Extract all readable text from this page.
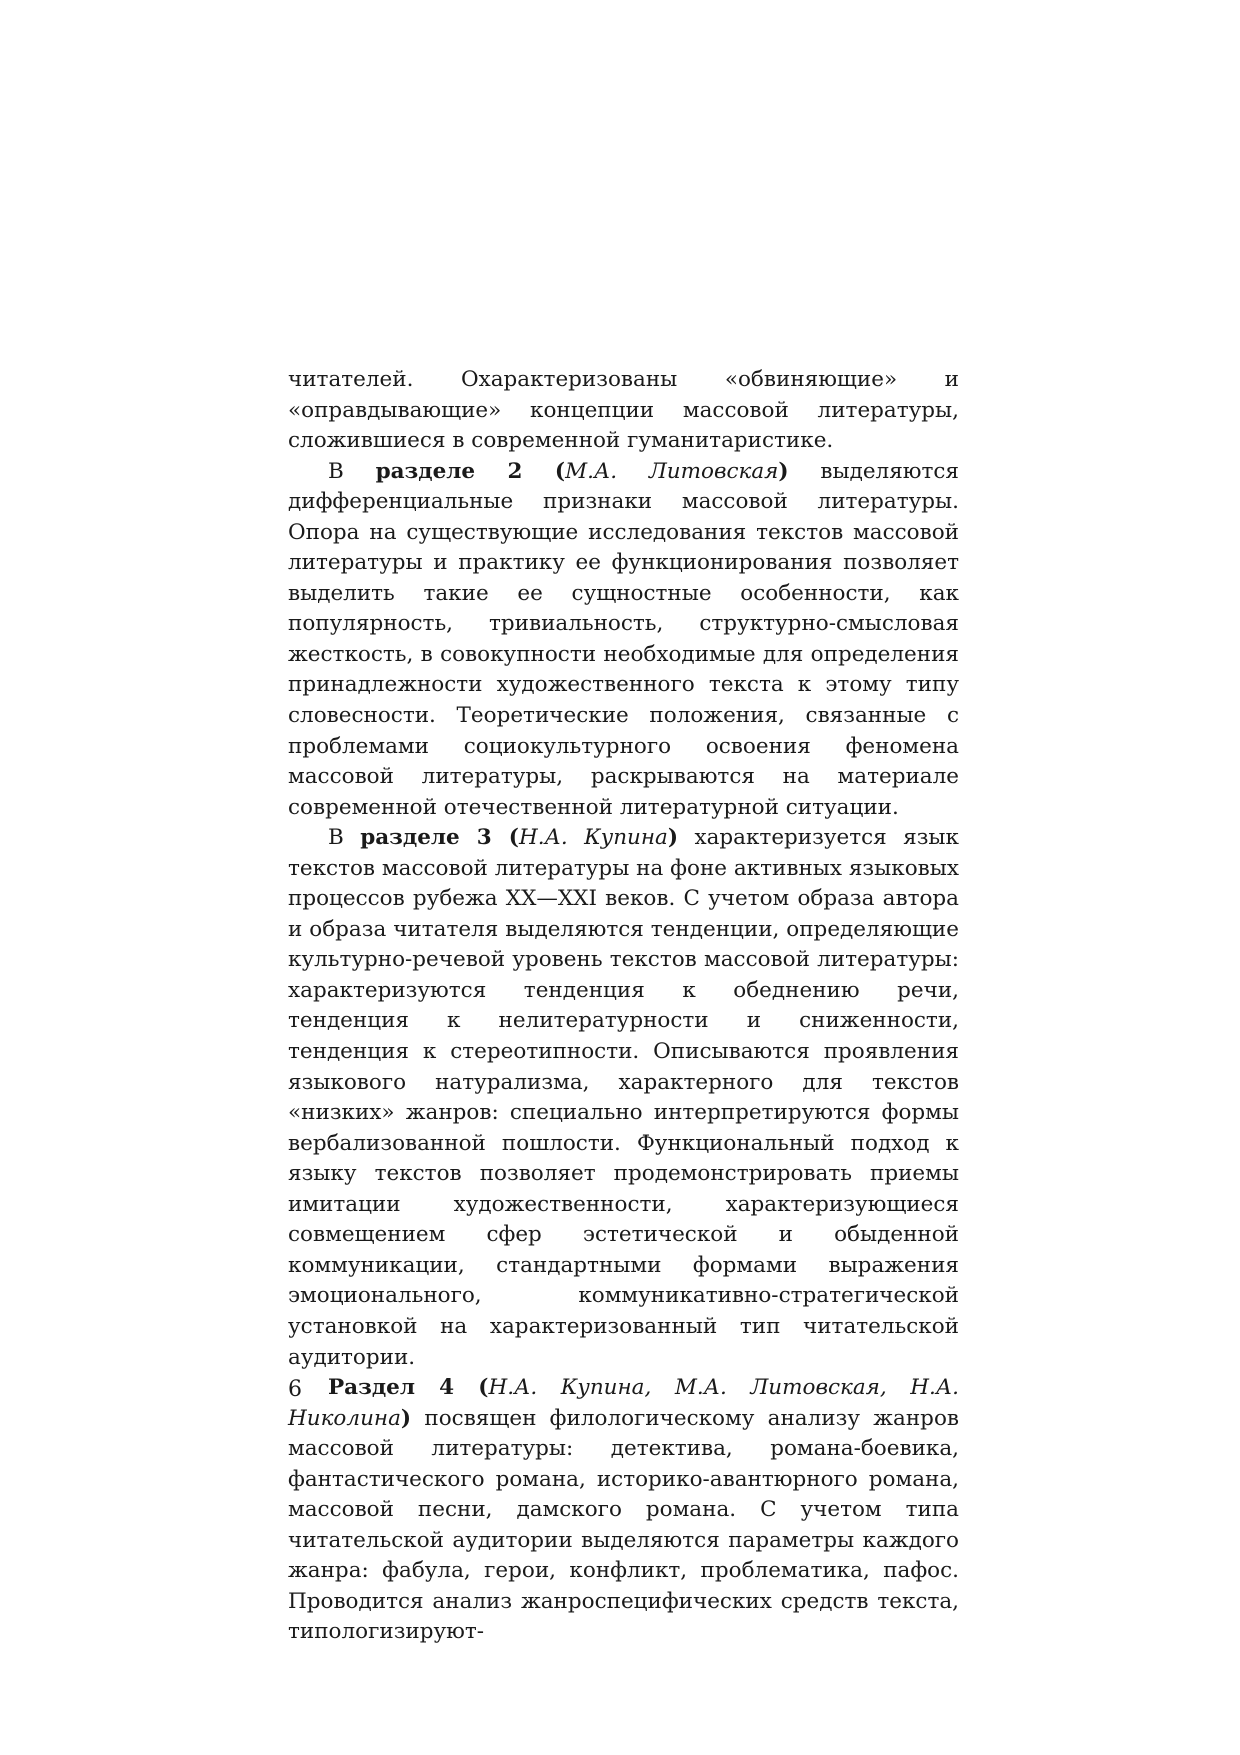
читателей. Охарактеризованы «обвиняющие» и «оправдывающие» концепции массовой литературы, сложившиеся в современной гуманитаристике.

В разделе 2 (М.А. Литовская) выделяются дифференциальные признаки массовой литературы. Опора на существующие исследования текстов массовой литературы и практику ее функционирования позволяет выделить такие ее сущностные особенности, как популярность, тривиальность, структурно-смысловая жесткость, в совокупности необходимые для определения принадлежности художественного текста к этому типу словесности. Теоретические положения, связанные с проблемами социокультурного освоения феномена массовой литературы, раскрываются на материале современной отечественной литературной ситуации.

В разделе 3 (Н.А. Купина) характеризуется язык текстов массовой литературы на фоне активных языковых процессов рубежа XX—XXI веков. С учетом образа автора и образа читателя выделяются тенденции, определяющие культурно-речевой уровень текстов массовой литературы: характеризуются тенденция к обеднению речи, тенденция к нелитературности и сниженности, тенденция к стереотипности. Описываются проявления языкового натурализма, характерного для текстов «низких» жанров: специально интерпретируются формы вербализованной пошлости. Функциональный подход к языку текстов позволяет продемонстрировать приемы имитации художественности, характеризующиеся совмещением сфер эстетической и обыденной коммуникации, стандартными формами выражения эмоционального, коммуникативно-стратегической установкой на характеризованный тип читательской аудитории.

Раздел 4 (Н.А. Купина, М.А. Литовская, Н.А. Николина) посвящен филологическому анализу жанров массовой литературы: детектива, романа-боевика, фантастического романа, историко-авантюрного романа, массовой песни, дамского романа. С учетом типа читательской аудитории выделяются параметры каждого жанра: фабула, герои, конфликт, проблематика, пафос. Проводится анализ жанроспецифических средств текста, типологизируют-

6
